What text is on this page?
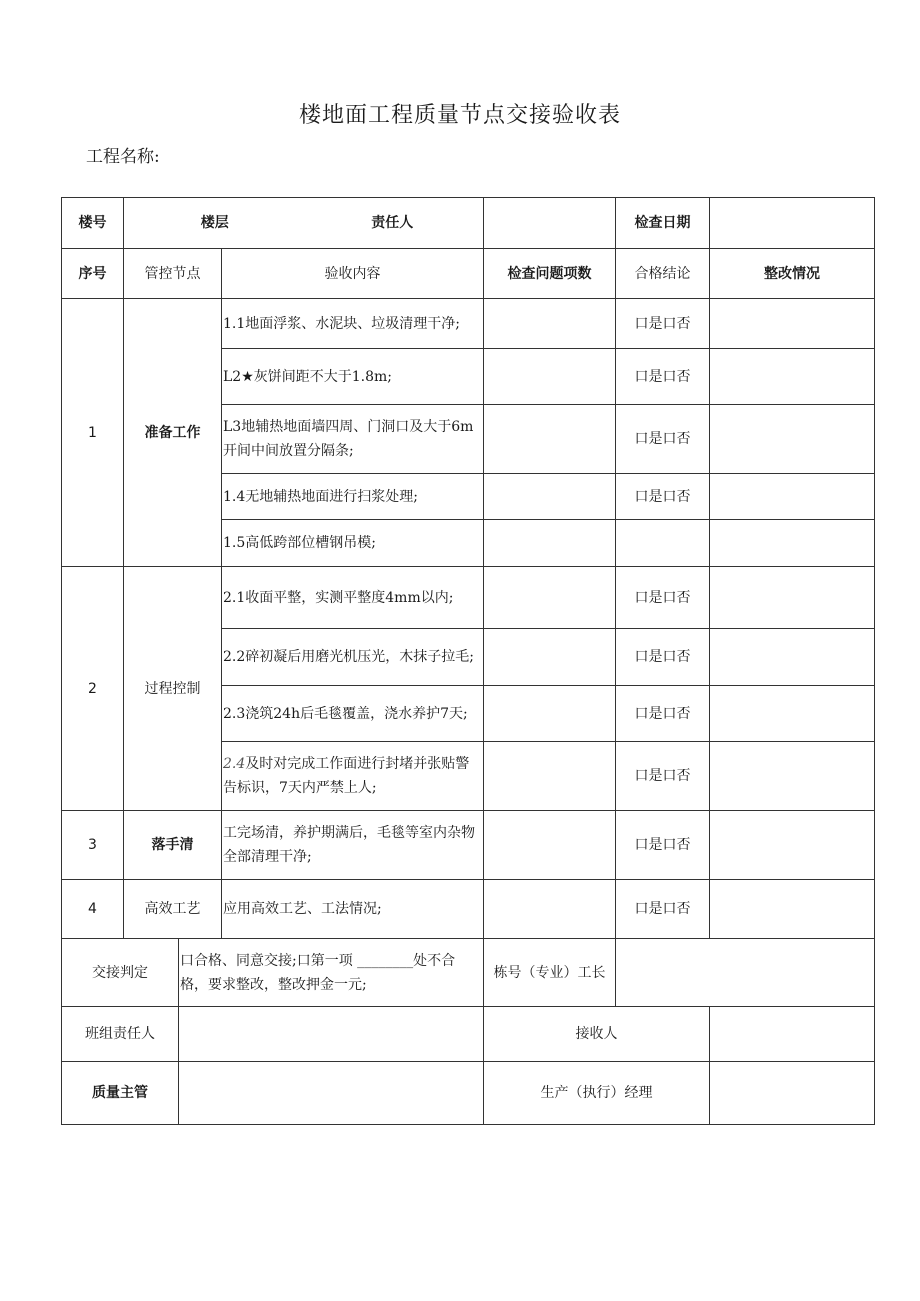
楼地面工程质量节点交接验收表
工程名称:
楼号	楼层 责任人				检查日期	
序号	管控节点		验收内容	检查问题项数	合格结论	整改情况
1	准备工作		1.1地面浮浆、水泥块、垃圾清理干净;		口是口否	
			L2★灰饼间距不大于1.8m;		口是口否	
			L3地辅热地面墙四周、门洞口及大于6m开间中间放置分隔条;		口是口否	
			1.4无地辅热地面进行扫浆处理;		口是口否	
			1.5高低跨部位槽钢吊模;			
2	过程控制		2.1收面平整，实测平整度4mm以内;		口是口否	
			2.2碎初凝后用磨光机压光，木抹子拉毛;		口是口否	
			2.3浇筑24h后毛毯覆盖，浇水养护7天;		口是口否	
			2.4及时对完成工作面进行封堵并张贴警告标识，7天内严禁上人;		口是口否	
3	落手清		工完场清，养护期满后，毛毯等室内杂物全部清理干净;		口是口否	
4	高效工艺		应用高效工艺、工法情况;		口是口否	
交接判定		口合格、同意交接;口第一项 ________处不合格，要求整改，整改押金一元;		栋号（专业）工长		
班组责任人				接收人		
质量主管				生产（执行）经理		
